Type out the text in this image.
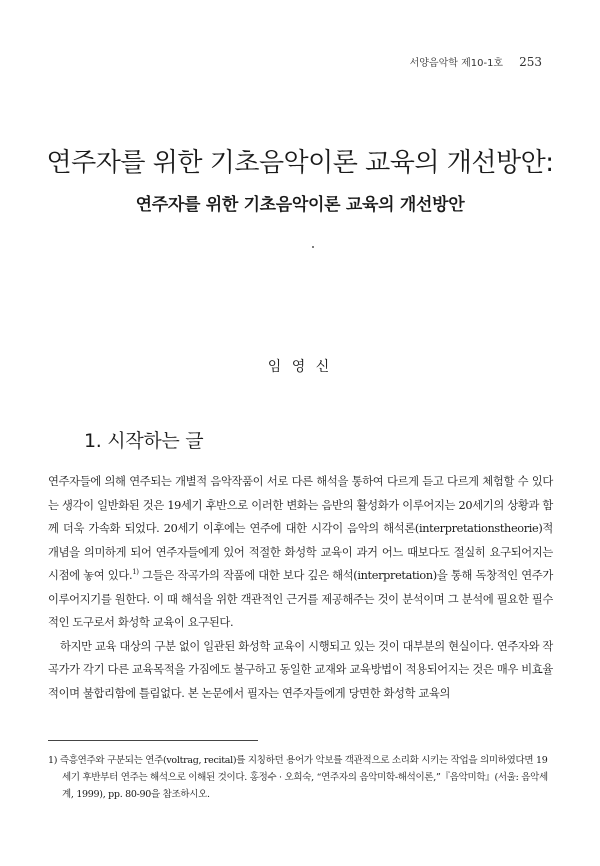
서양음악학 제10-1호 253
연주자를 위한 기초음악이론 교육의 개선방안:
연주자를 위한 기초음악이론 교육의 개선방안
임 영 신
1. 시작하는 글

연주자들에 의해 연주되는 개별적 음악작품이 서로 다른 해석을 통하여 다르게 듣고 다르게 체험할 수 있다는 생각이 일반화된 것은 19세기 후반으로 이러한 변화는 음반의 활성화가 이루어지는 20세기의 상황과 함께 더욱 가속화 되었다. 20세기 이후에는 연주에 대한 시각이 음악의 해석론(interpretationstheorie)적 개념을 의미하게 되어 연주자들에게 있어 적절한 화성학 교육이 과거 어느 때보다도 절실히 요구되어지는 시점에 놓여 있다.$^{1)}$ 그들은 작곡가의 작품에 대한 보다 깊은 해석(interpretation)을 통해 독창적인 연주가 이루어지기를 원한다. 이 때 해석을 위한 객관적인 근거를 제공해주는 것이 분석이며 그 분석에 필요한 필수적인 도구로서 화성학 교육이 요구된다.

하지만 교육 대상의 구분 없이 일관된 화성학 교육이 시행되고 있는 것이 대부분의 현실이다. 연주자와 작곡가가 각기 다른 교육목적을 가짐에도 불구하고 동일한 교재와 교육방법이 적용되어지는 것은 매우 비효율적이며 불합리함에 틀림없다. 본 논문에서 필자는 연주자들에게 당면한 화성학 교육의

1) 즉흥연주와 구분되는 연주(voltrag, recital)를 지칭하던 용어가 악보를 객관적으로 소리화 시키는 작업을 의미하였다면 19세기 후반부터 연주는 해석으로 이해된 것이다. 홍정수 · 오희숙, “연주자의 음악미학-해석이론,”『음악미학』(서울: 음악세계, 1999), pp. 80-90을 참조하시오.
